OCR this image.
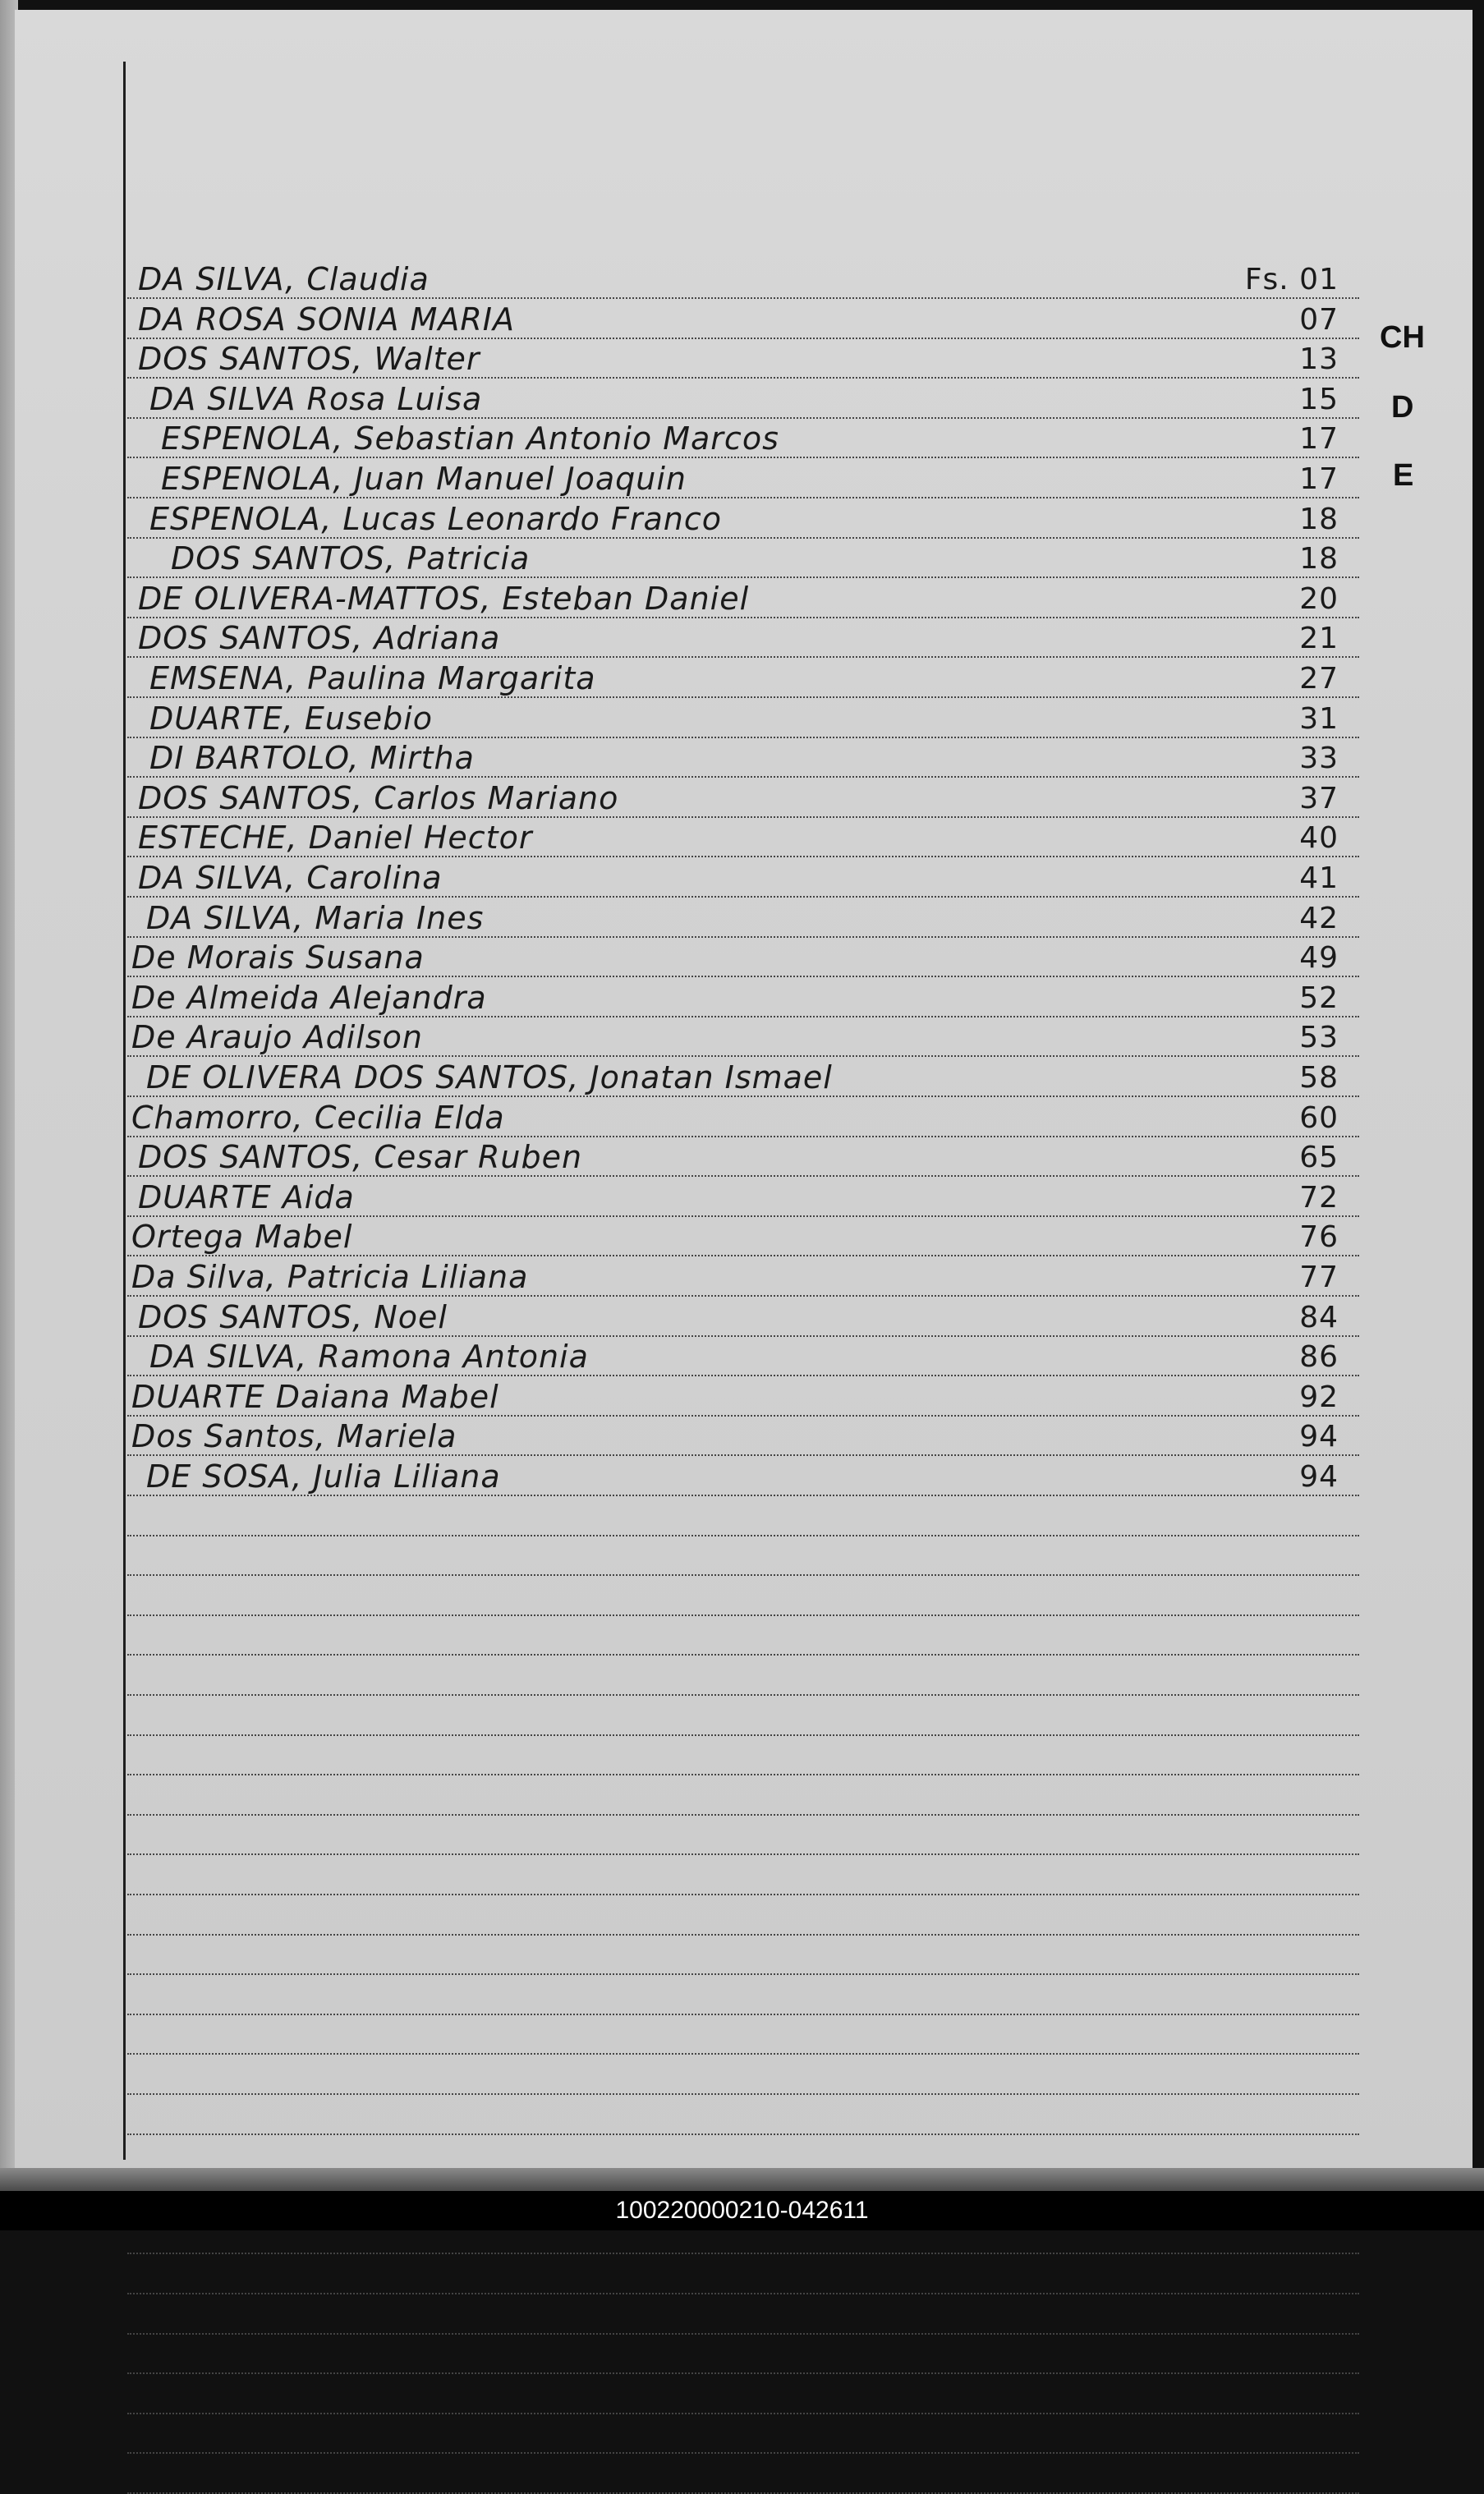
DA SILVA, Claudia	Fs. 01
DA ROSA SONIA MARIA	07
DOS SANTOS, Walter	13
DA SILVA Rosa Luisa	15
ESPENOLA, Sebastian Antonio Marcos	17
ESPENOLA, Juan Manuel Joaquin	17
ESPENOLA, Lucas Leonardo Franco	18
DOS SANTOS, Patricia	18
DE OLIVERA-MATTOS, Esteban Daniel	20
DOS SANTOS, Adriana	21
EMSENA, Paulina Margarita	27
DUARTE, Eusebio	31
DI BARTOLO, Mirtha	33
DOS SANTOS, Carlos Mariano	37
ESTECHE, Daniel Hector	40
DA SILVA, Carolina	41
DA SILVA, Maria Ines	42
De Morais Susana	49
De Almeida Alejandra	52
De Araujo Adilson	53
DE OLIVERA DOS SANTOS, Jonatan Ismael	58
Chamorro, Cecilia Elda	60
DOS SANTOS, Cesar Ruben	65
DUARTE Aida	72
Ortega Mabel	76
Da Silva, Patricia Liliana	77
DOS SANTOS, Noel	84
DA SILVA, Ramona Antonia	86
DUARTE Daiana Mabel	92
Dos Santos, Mariela	94
DE SOSA, Julia Liliana	94
CH
D
E
100220000210-042611
